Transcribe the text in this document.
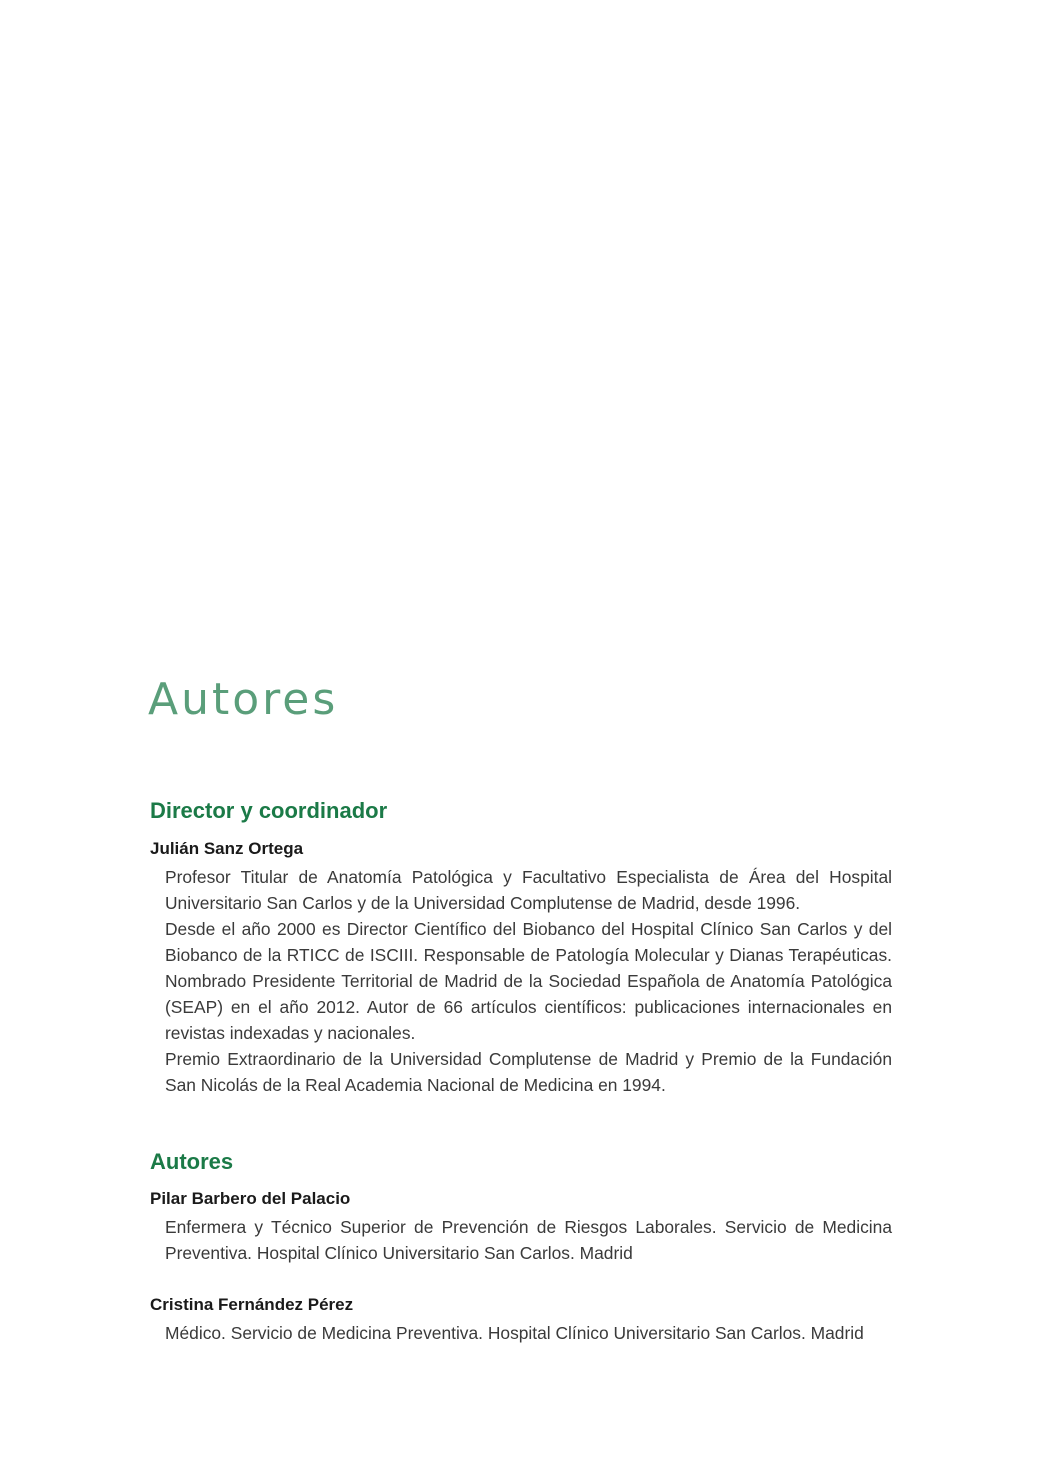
Autores
Director y coordinador

Julián Sanz Ortega

Profesor Titular de Anatomía Patológica y Facultativo Especialista de Área del Hospital Universitario San Carlos y de la Universidad Complutense de Madrid, desde 1996.

Desde el año 2000 es Director Científico del Biobanco del Hospital Clínico San Carlos y del Biobanco de la RTICC de ISCIII. Responsable de Patología Molecular y Dianas Terapéuticas. Nombrado Presidente Territorial de Madrid de la Sociedad Española de Anatomía Patológica (SEAP) en el año 2012. Autor de 66 artículos científicos: publicaciones internacionales en revistas indexadas y nacionales.

Premio Extraordinario de la Universidad Complutense de Madrid y Premio de la Fundación San Nicolás de la Real Academia Nacional de Medicina en 1994.

Autores

Pilar Barbero del Palacio

Enfermera y Técnico Superior de Prevención de Riesgos Laborales. Servicio de Medicina Preventiva. Hospital Clínico Universitario San Carlos. Madrid

Cristina Fernández Pérez

Médico. Servicio de Medicina Preventiva. Hospital Clínico Universitario San Carlos. Madrid
